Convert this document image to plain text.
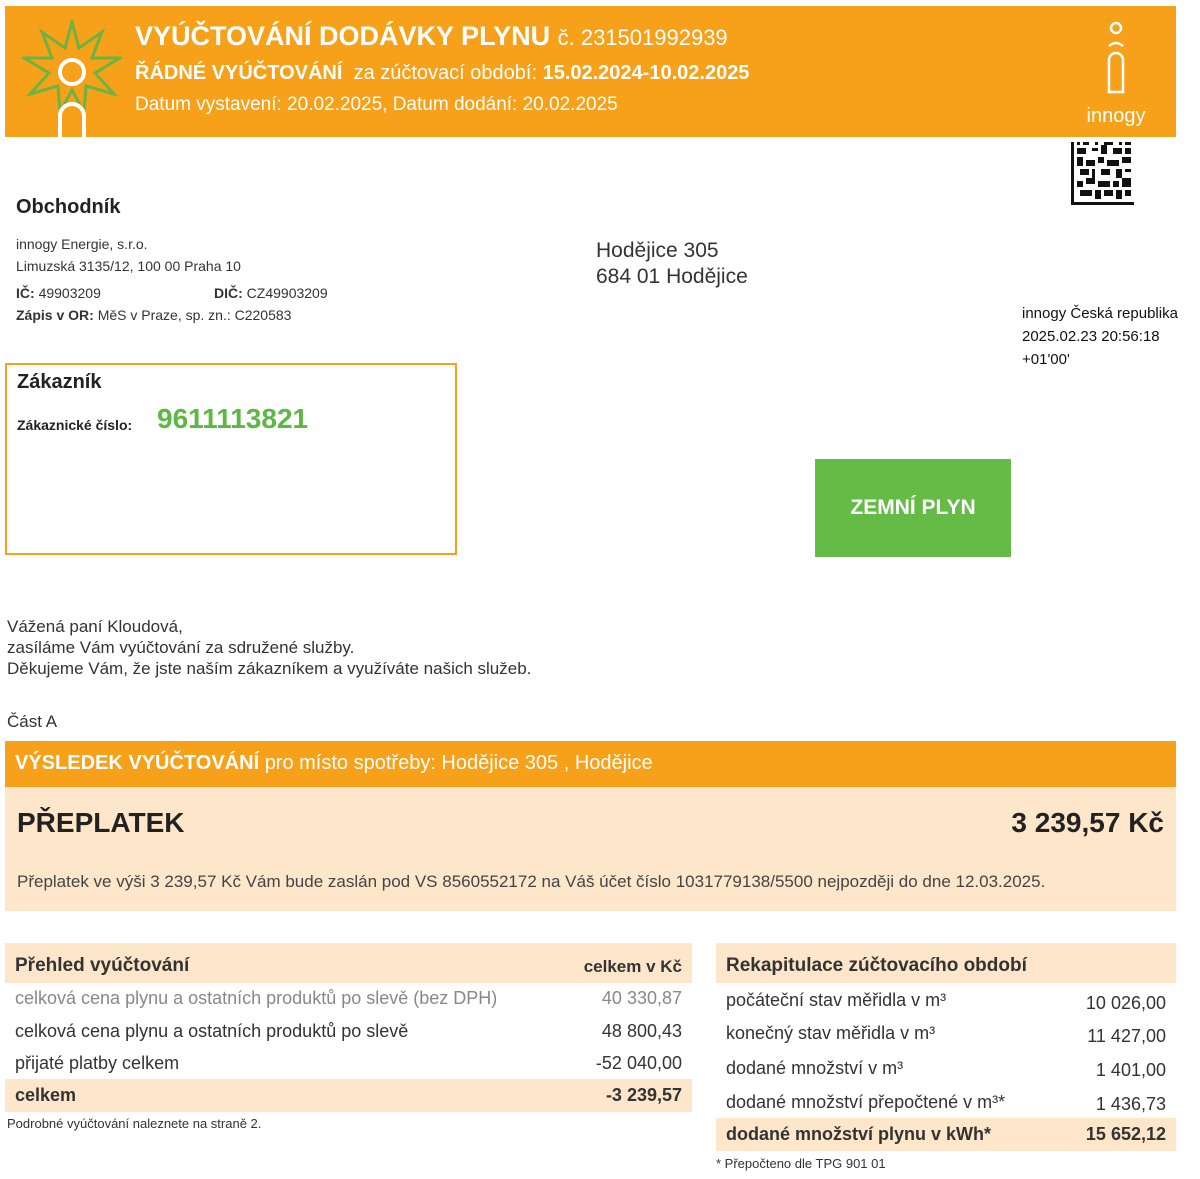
VYÚČTOVÁNÍ DODÁVKY PLYNU č. 231501992939
ŘÁDNÉ VYÚČTOVÁNÍ za zúčtovací období: 15.02.2024-10.02.2025
Datum vystavení: 20.02.2025, Datum dodání: 20.02.2025
innogy
Obchodník
innogy Energie, s.r.o.
Limuzská 3135/12, 100 00 Praha 10
IČ: 49903209	DIČ: CZ49903209
Zápis v OR: MěS v Praze, sp. zn.: C220583
Hodějice 305
684 01 Hodějice
innogy Česká republika
2025.02.23 20:56:18
+01'00'
Zákazník
Zákaznické číslo: 9611113821
ZEMNÍ PLYN
Vážená paní Kloudová,
zasíláme Vám vyúčtování za sdružené služby.
Děkujeme Vám, že jste naším zákazníkem a využíváte našich služeb.
Část A
VÝSLEDEK VYÚČTOVÁNÍ pro místo spotřeby: Hodějice 305 , Hodějice
PŘEPLATEK	3 239,57 Kč
Přeplatek ve výši 3 239,57 Kč Vám bude zaslán pod VS 8560552172 na Váš účet číslo 1031779138/5500 nejpozději do dne 12.03.2025.
Přehled vyúčtování	celkem v Kč
celková cena plynu a ostatních produktů po slevě (bez DPH)	40 330,87
celková cena plynu a ostatních produktů po slevě	48 800,43
přijaté platby celkem	-52 040,00
celkem	-3 239,57
Podrobné vyúčtování naleznete na straně 2.
Rekapitulace zúčtovacího období
počáteční stav měřidla v m³	10 026,00
konečný stav měřidla v m³	11 427,00
dodané množství v m³	1 401,00
dodané množství přepočtené v m³*	1 436,73
dodané množství plynu v kWh*	15 652,12
* Přepočteno dle TPG 901 01
